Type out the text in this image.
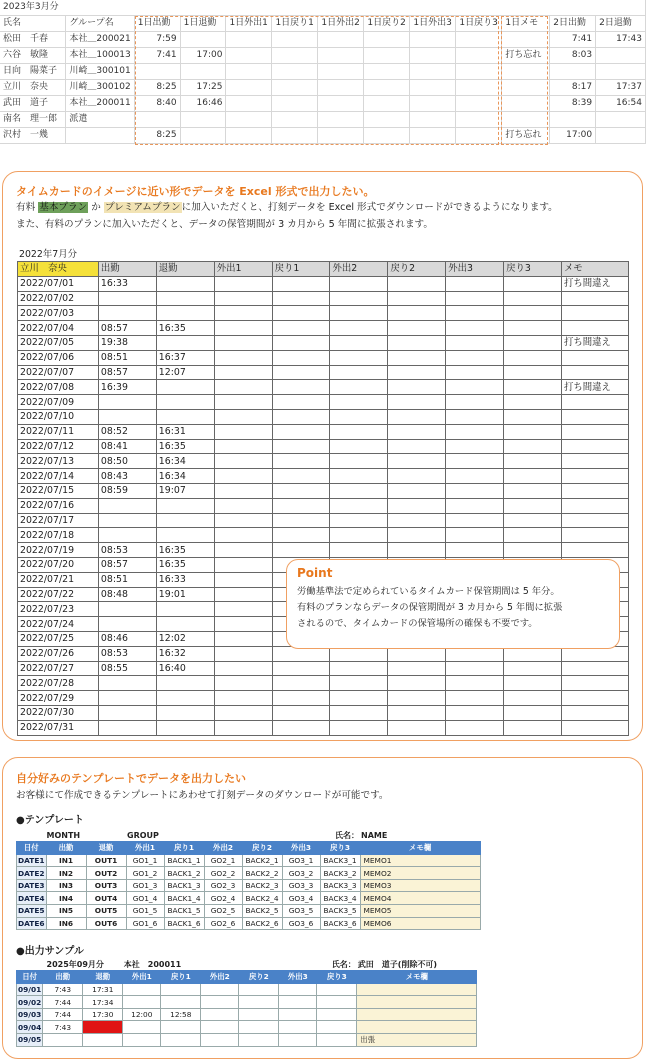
2023年3月分												
氏名	グループ名	1日出勤	1日退勤	1日外出1	1日戻り1	1日外出2	1日戻り2	1日外出3	1日戻り3	1日メモ	2日出勤	2日退勤
松田　千春	本社＿200021	7:59									7:41	17:43
六谷　敏隆	本社＿100013	7:41	17:00							打ち忘れ	8:03	
日向　陽菜子	川崎＿300101											
立川　奈央	川崎＿300102	8:25	17:25								8:17	17:37
武田　道子	本社＿200011	8:40	16:46								8:39	16:54
南名　理一郎	派遣											
沢村　一幾		8:25								打ち忘れ	17:00	
タイムカードのイメージに近い形でデータを Excel 形式で出力したい。
有料 基本プラン か プレミアムプランに加入いただくと、打刻データを Excel 形式でダウンロードができるようになります。
また、有料のプランに加入いただくと、データの保管期間が 3 カ月から 5 年間に拡張されます。
2022年7月分
立川　奈央	出勤	退勤	外出1	戻り1	外出2	戻り2	外出3	戻り3	メモ
2022/07/01	16:33								打ち間違え
2022/07/02									
2022/07/03									
2022/07/04	08:57	16:35							
2022/07/05	19:38								打ち間違え
2022/07/06	08:51	16:37							
2022/07/07	08:57	12:07							
2022/07/08	16:39								打ち間違え
2022/07/09									
2022/07/10									
2022/07/11	08:52	16:31							
2022/07/12	08:41	16:35							
2022/07/13	08:50	16:34							
2022/07/14	08:43	16:34							
2022/07/15	08:59	19:07							
2022/07/16									
2022/07/17									
2022/07/18									
2022/07/19	08:53	16:35							
2022/07/20	08:57	16:35							
2022/07/21	08:51	16:33							
2022/07/22	08:48	19:01							
2022/07/23									
2022/07/24									
2022/07/25	08:46	12:02							
2022/07/26	08:53	16:32							
2022/07/27	08:55	16:40							
2022/07/28									
2022/07/29									
2022/07/30									
2022/07/31									
Point
労働基準法で定められているタイムカード保管期間は 5 年分。
有料のプランならデータの保管期間が 3 カ月から 5 年間に拡張
されるので、タイムカードの保管場所の確保も不要です。
自分好みのテンプレートでデータを出力したい
お客様にて作成できるテンプレートにあわせて打刻データのダウンロードが可能です。
●テンプレート
MONTH			GROUP					氏名：	NAME
日付	出勤	退勤	外出1	戻り1	外出2	戻り2	外出3	戻り3	メモ欄
DATE1	IN1	OUT1	GO1_1	BACK1_1	GO2_1	BACK2_1	GO3_1	BACK3_1	MEMO1
DATE2	IN2	OUT2	GO1_2	BACK1_2	GO2_2	BACK2_2	GO3_2	BACK3_2	MEMO2
DATE3	IN3	OUT3	GO1_3	BACK1_3	GO2_3	BACK2_3	GO3_3	BACK3_3	MEMO3
DATE4	IN4	OUT4	GO1_4	BACK1_4	GO2_4	BACK2_4	GO3_4	BACK3_4	MEMO4
DATE5	IN5	OUT5	GO1_5	BACK1_5	GO2_5	BACK2_5	GO3_5	BACK3_5	MEMO5
DATE6	IN6	OUT6	GO1_6	BACK1_6	GO2_6	BACK2_6	GO3_6	BACK3_6	MEMO6
●出力サンプル
2025年09月分			本社　200011					氏名：	武田　道子(削除不可)
日付	出勤	退勤	外出1	戻り1	外出2	戻り2	外出3	戻り3	メモ欄
09/01	7:43	17:31							
09/02	7:44	17:34							
09/03	7:44	17:30	12:00	12:58					
09/04	7:43								
09/05									出張
